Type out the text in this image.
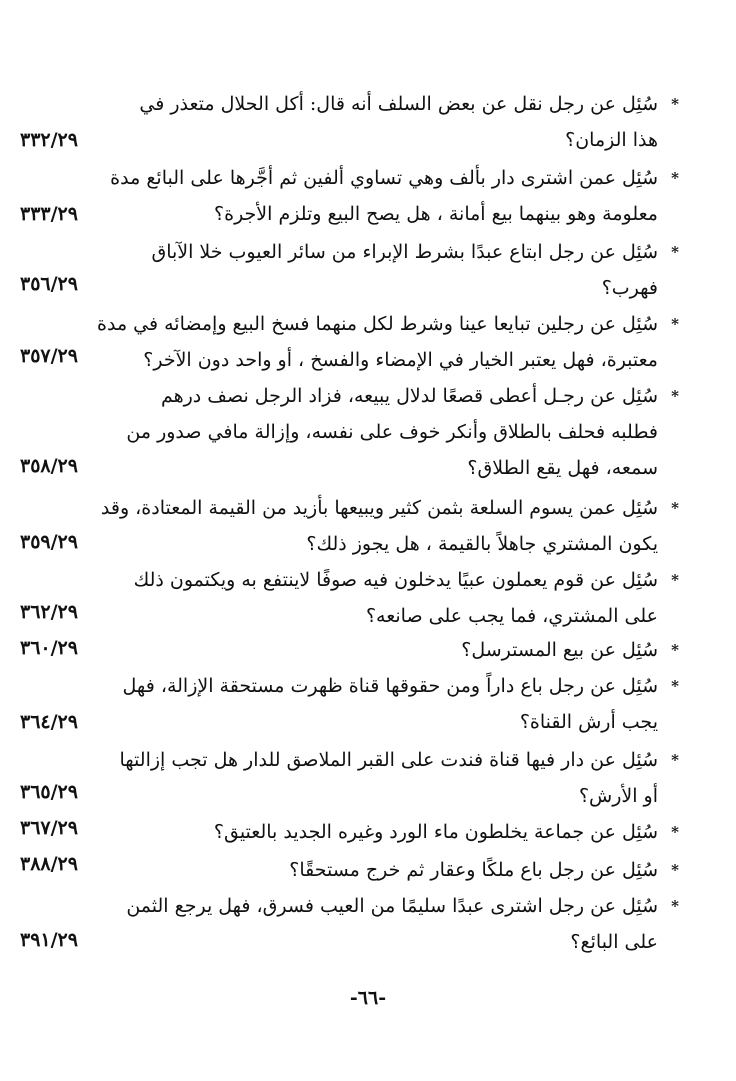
*
سُئِل عن رجل نقل عن بعض السلف أنه قال: أكل الحلال متعذر في
هذا الزمان؟
٣٣٢/٢٩
*
سُئِل عمن اشترى دار بألف وهي تساوي ألفين ثم أجَّرها على البائع مدة
معلومة وهو بينهما بيع أمانة ، هل يصح البيع وتلزم الأجرة؟
٣٣٣/٢٩
*
سُئِل عن رجل ابتاع عبدًا بشرط الإبراء من سائر العيوب خلا الآباق
فهرب؟
٣٥٦/٢٩
*
سُئِل عن رجلين تبايعا عينا وشرط لكل منهما فسخ البيع وإمضائه في مدة
معتبرة، فهل يعتبر الخيار في الإمضاء والفسخ ، أو واحد دون الآخر؟
٣٥٧/٢٩
*
سُئِل عن رجـل أعطى قصعًا لدلال يبيعه، فزاد الرجل نصف درهم
فطلبه فحلف بالطلاق وأنكر خوف على نفسه، وإزالة مافي صدور من
سمعه، فهل يقع الطلاق؟
٣٥٨/٢٩
*
سُئِل عمن يسوم السلعة بثمن كثير ويبيعها بأزيد من القيمة المعتادة، وقد
يكون المشتري جاهلاً بالقيمة ، هل يجوز ذلك؟
٣٥٩/٢٩
*
سُئِل عن قوم يعملون عبيًا يدخلون فيه صوفًا لاينتفع به ويكتمون ذلك
على المشتري، فما يجب على صانعه؟
٣٦٢/٢٩
*
سُئِل عن بيع المسترسل؟
٣٦٠/٢٩
*
سُئِل عن رجل باع داراً ومن حقوقها قناة ظهرت مستحقة الإزالة، فهل
يجب أرش القناة؟
٣٦٤/٢٩
*
سُئِل عن دار فيها قناة فندت على القبر الملاصق للدار هل تجب إزالتها
أو الأرش؟
٣٦٥/٢٩
*
سُئِل عن جماعة يخلطون ماء الورد وغيره الجديد بالعتيق؟
٣٦٧/٢٩
*
سُئِل عن رجل باع ملكًا وعقار ثم خرج مستحقًا؟
٣٨٨/٢٩
*
سُئِل عن رجل اشترى عبدًا سليمًا من العيب فسرق، فهل يرجع الثمن
على البائع؟
٣٩١/٢٩
-٦٦-
